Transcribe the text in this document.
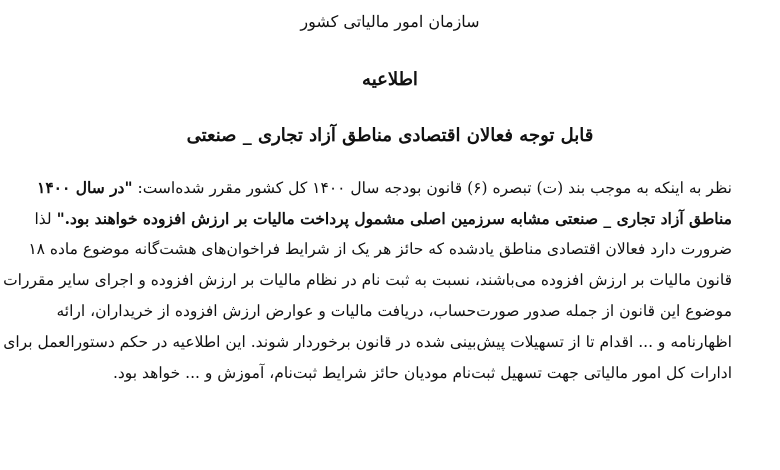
سازمان امور مالیاتی کشور
اطلاعیه
قابل توجه فعالان اقتصادی مناطق آزاد تجاری _ صنعتی
نظر به اینکه به موجب بند (ت) تبصره (۶) قانون بودجه سال ۱۴۰۰ کل کشور مقرر شده‌است: "در سال ۱۴۰۰
مناطق آزاد تجاری _ صنعتی مشابه سرزمین اصلی مشمول پرداخت مالیات بر ارزش افزوده خواهند بود." لذا
ضرورت دارد فعالان اقتصادی مناطق یادشده که حائز هر یک از شرایط فراخوان‌های هشت‌گانه موضوع ماده ۱۸
قانون مالیات بر ارزش افزوده می‌باشند، نسبت به ثبت نام در نظام مالیات بر ارزش افزوده و اجرای سایر مقررات
موضوع این قانون از جمله صدور صورت‌حساب، دریافت مالیات و عوارض ارزش افزوده از خریداران، ارائه
اظهارنامه و ... اقدام تا از تسهیلات پیش‌بینی شده در قانون برخوردار شوند. این اطلاعیه در حکم دستورالعمل برای
ادارات کل امور مالیاتی جهت تسهیل ثبت‌نام مودیان حائز شرایط ثبت‌نام، آموزش و ... خواهد بود.
